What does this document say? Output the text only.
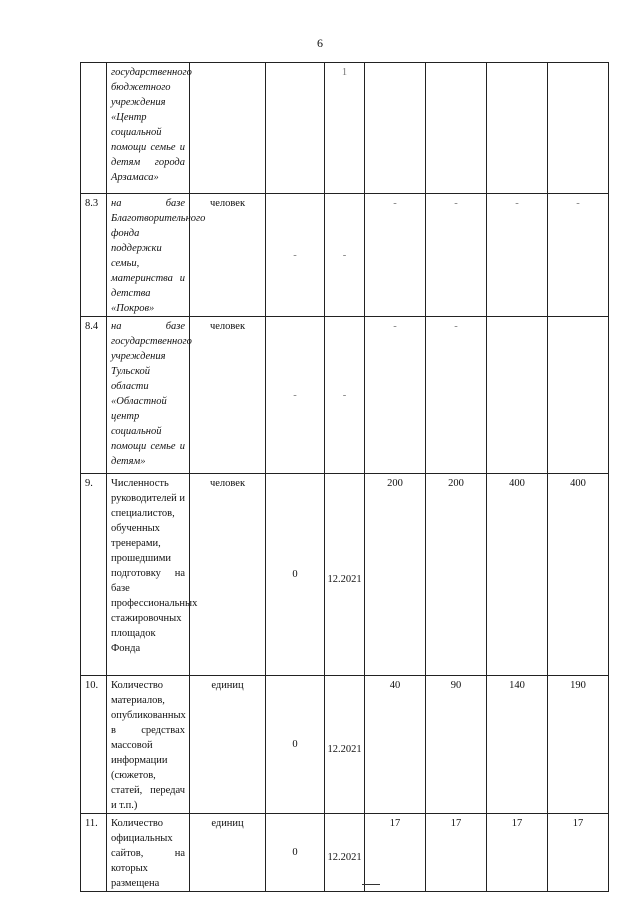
6
	государственного бюджетного учреждения «Центр социальной помощи семье и детям города Арзамаса»			1				
8.3	на базе Благотворительного фонда поддержки семьи, материнства и детства «Покров»	человек	-	-	-	-	-	-
8.4	на базе государственного учреждения Тульской области «Областной центр социальной помощи семье и детям»	человек	-	-	-	-		
9.	Численность руководителей и специалистов, обученных тренерами, прошедшими подготовку на базе профессиональных стажировочных площадок Фонда	человек	0	12.2021	200	200	400	400
10.	Количество материалов, опубликованных в средствах массовой информации (сюжетов, статей, передач и т.п.)	единиц	0	12.2021	40	90	140	190
11.	Количество официальных сайтов, на которых размещена	единиц	0	12.2021	17	17	17	17
